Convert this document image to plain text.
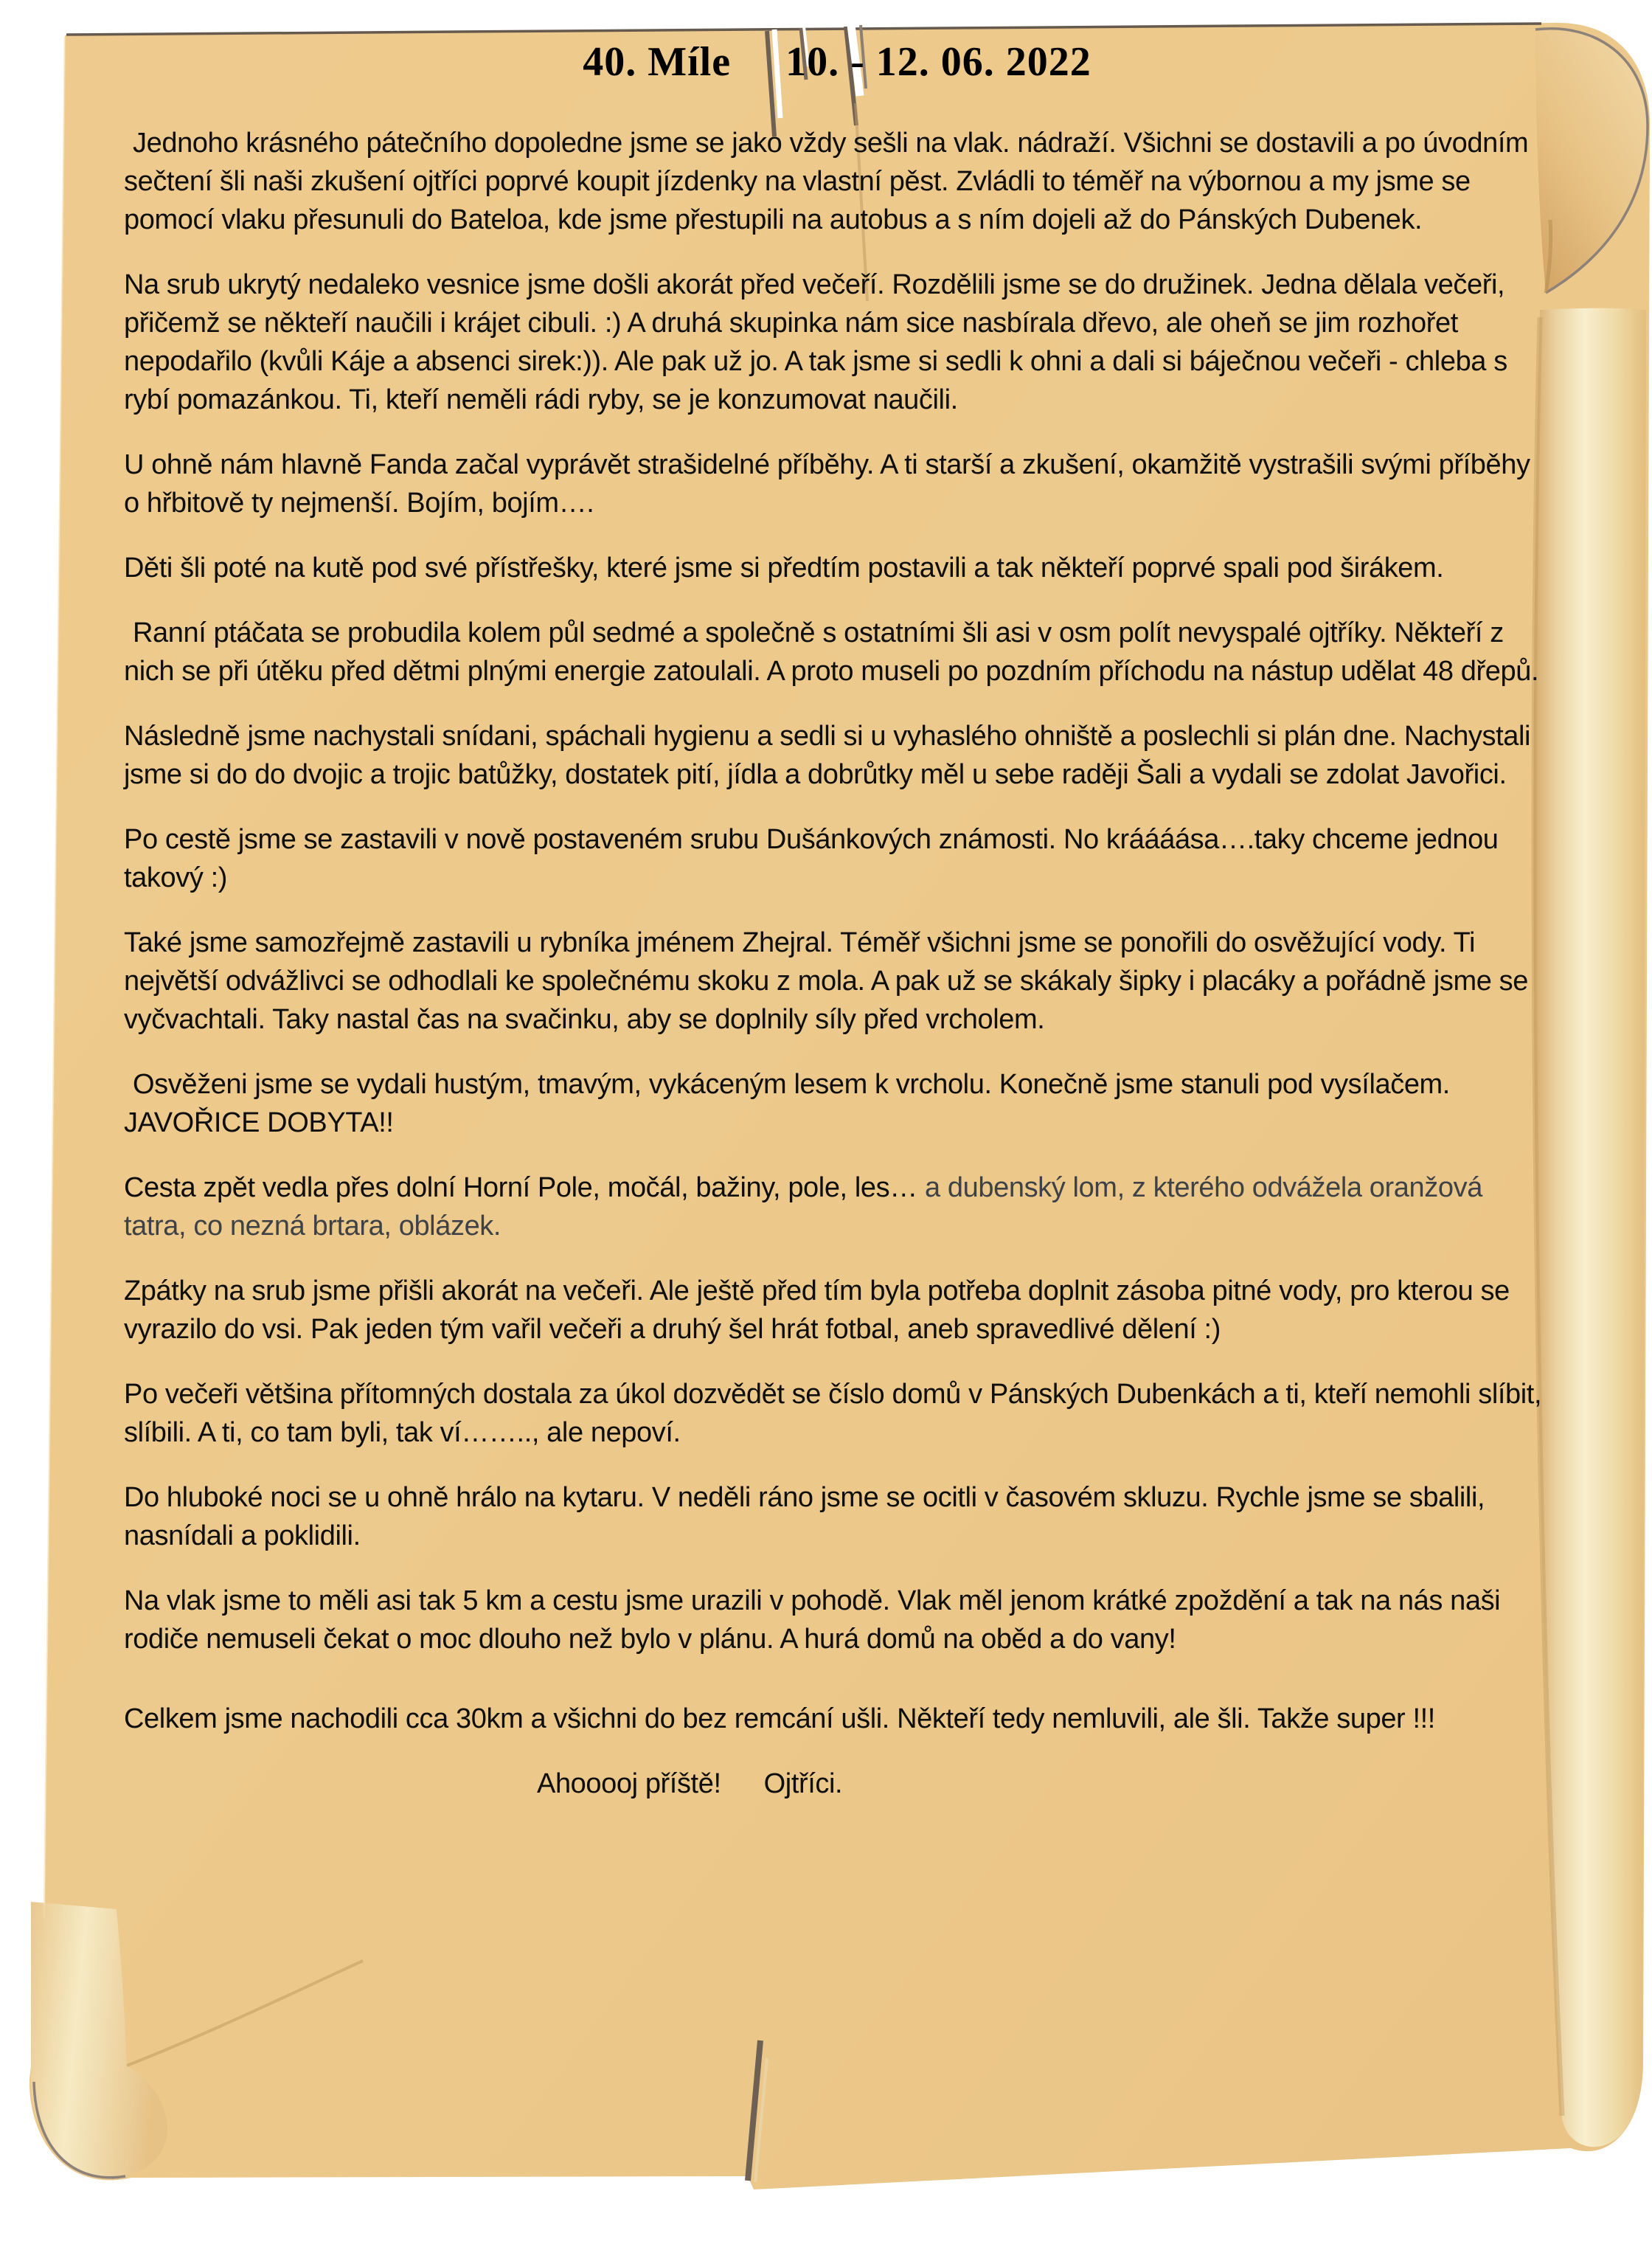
40. Míle 10. - 12. 06. 2022

Jednoho krásného pátečního dopoledne jsme se jako vždy sešli na vlak. nádraží. Všichni se dostavili a po úvodním sečtení šli naši zkušení ojtříci poprvé koupit jízdenky na vlastní pěst. Zvládli to téměř na výbornou a my jsme se pomocí vlaku přesunuli do Bateloa, kde jsme přestupili na autobus a s ním dojeli až do Pánských Dubenek.

Na srub ukrytý nedaleko vesnice jsme došli akorát před večeří. Rozdělili jsme se do družinek. Jedna dělala večeři, přičemž se někteří naučili i krájet cibuli. :) A druhá skupinka nám sice nasbírala dřevo, ale oheň se jim rozhořet nepodařilo (kvůli Káje a absenci sirek:)). Ale pak už jo. A tak jsme si sedli k ohni a dali si báječnou večeři - chleba s rybí pomazánkou. Ti, kteří neměli rádi ryby, se je konzumovat naučili.

U ohně nám hlavně Fanda začal vyprávět strašidelné příběhy. A ti starší a zkušení, okamžitě vystrašili svými příběhy o hřbitově ty nejmenší. Bojím, bojím….

Děti šli poté na kutě pod své přístřešky, které jsme si předtím postavili a tak někteří poprvé spali pod širákem.

Ranní ptáčata se probudila kolem půl sedmé a společně s ostatními šli asi v osm polít nevyspalé ojtříky. Někteří z nich se při útěku před dětmi plnými energie zatoulali. A proto museli po pozdním příchodu na nástup udělat 48 dřepů.

Následně jsme nachystali snídani, spáchali hygienu a sedli si u vyhaslého ohniště a poslechli si plán dne. Nachystali jsme si do do dvojic a trojic batůžky, dostatek pití, jídla a dobrůtky měl u sebe raději Šali a vydali se zdolat Javořici.

Po cestě jsme se zastavili v nově postaveném srubu Dušánkových známosti. No kráááása….taky chceme jednou takový :)

Také jsme samozřejmě zastavili u rybníka jménem Zhejral. Téměř všichni jsme se ponořili do osvěžující vody. Ti největší odvážlivci se odhodlali ke společnému skoku z mola. A pak už se skákaly šipky i placáky a pořádně jsme se vyčvachtali. Taky nastal čas na svačinku, aby se doplnily síly před vrcholem.

Osvěženi jsme se vydali hustým, tmavým, vykáceným lesem k vrcholu. Konečně jsme stanuli pod vysílačem. JAVOŘICE DOBYTA!!

Cesta zpět vedla přes dolní Horní Pole, močál, bažiny, pole, les… a dubenský lom, z kterého odvážela oranžová tatra, co nezná brtara, oblázek.

Zpátky na srub jsme přišli akorát na večeři. Ale ještě před tím byla potřeba doplnit zásoba pitné vody, pro kterou se vyrazilo do vsi. Pak jeden tým vařil večeři a druhý šel hrát fotbal, aneb spravedlivé dělení :)

Po večeři většina přítomných dostala za úkol dozvědět se číslo domů v Pánských Dubenkách a ti, kteří nemohli slíbit, slíbili. A ti, co tam byli, tak ví…….., ale nepoví.

Do hluboké noci se u ohně hrálo na kytaru. V neděli ráno jsme se ocitli v časovém skluzu. Rychle jsme se sbalili, nasnídali a poklidili.

Na vlak jsme to měli asi tak 5 km a cestu jsme urazili v pohodě. Vlak měl jenom krátké zpoždění a tak na nás naši rodiče nemuseli čekat o moc dlouho než bylo v plánu. A hurá domů na oběd a do vany!

Celkem jsme nachodili cca 30km a všichni do bez remcání ušli. Někteří tedy nemluvili, ale šli. Takže super !!!

Ahooooj příště! Ojtříci.
